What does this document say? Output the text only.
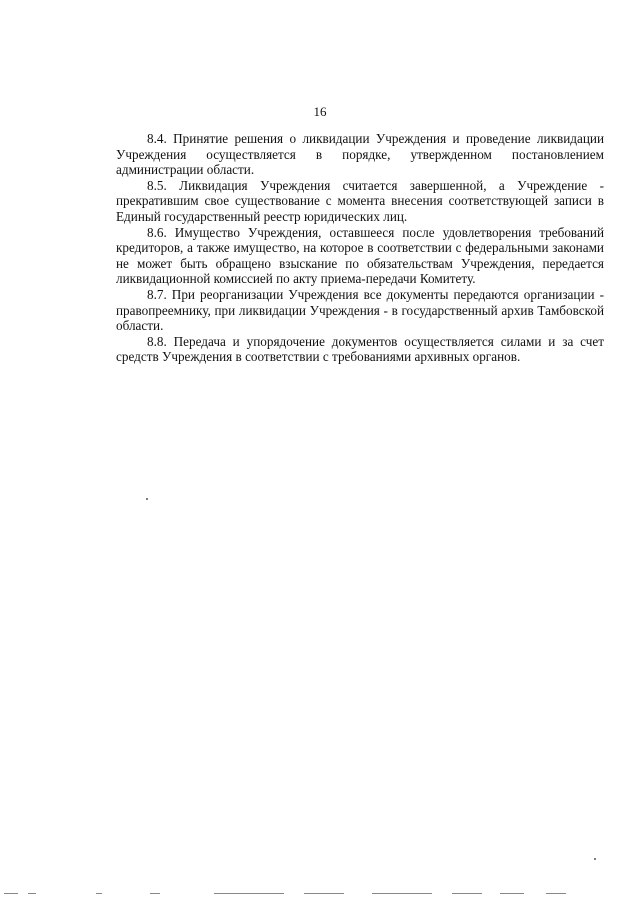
16

8.4. Принятие решения о ликвидации Учреждения и проведение ликвидации Учреждения осуществляется в порядке, утвержденном постановлением администрации области.

8.5. Ликвидация Учреждения считается завершенной, а Учреждение - прекратившим свое существование с момента внесения соответствующей записи в Единый государственный реестр юридических лиц.

8.6. Имущество Учреждения, оставшееся после удовлетворения требований кредиторов, а также имущество, на которое в соответствии с федеральными законами не может быть обращено взыскание по обязательствам Учреждения, передается ликвидационной комиссией по акту приема-передачи Комитету.

8.7. При реорганизации Учреждения все документы передаются организации - правопреемнику, при ликвидации Учреждения - в государственный архив Тамбовской области.

8.8. Передача и упорядочение документов осуществляется силами и за счет средств Учреждения в соответствии с требованиями архивных органов.
